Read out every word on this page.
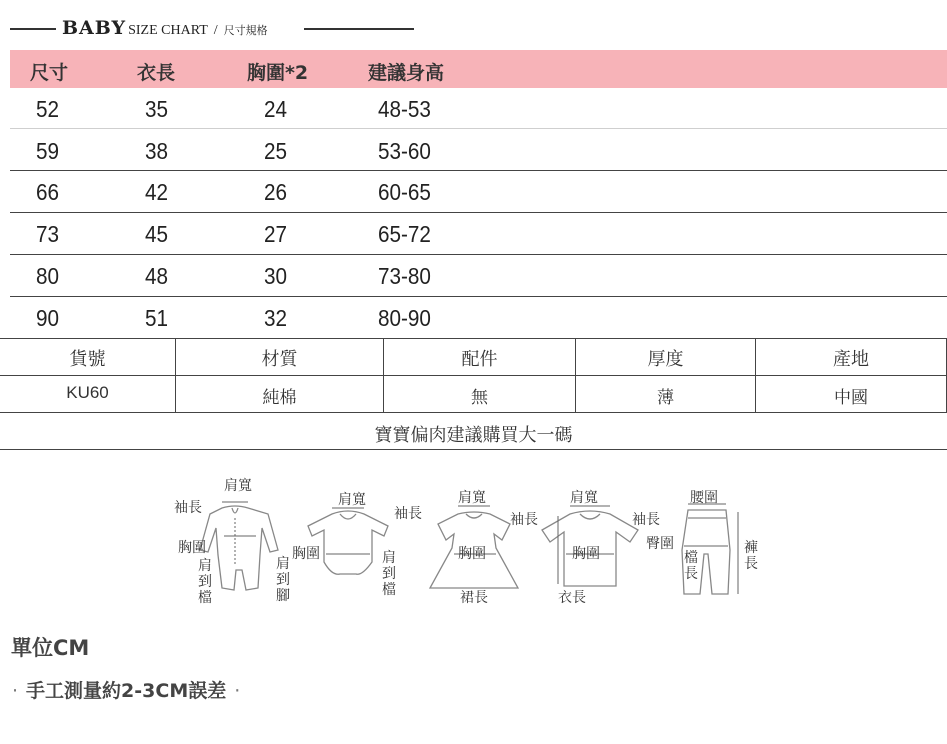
BABY SIZE CHART / 尺寸規格
尺寸	衣長	胸圍*2	建議身高
52	35	24	48-53
59	38	25	53-60
66	42	26	60-65
73	45	27	65-72
80	48	30	73-80
90	51	32	80-90
貨號	材質	配件	厚度	產地
KU60	純棉	無	薄	中國
寶寶偏肉建議購買大一碼
肩寬
袖長
胸圍
肩到檔
肩到腳
肩寬
袖長
胸圍	肩到檔
肩寬
袖長
胸圍
裙長
肩寬
袖長
胸圍
衣長
腰圍
臀圍
檔長
褲長
單位CM
· 手工測量約2-3CM誤差 ·
